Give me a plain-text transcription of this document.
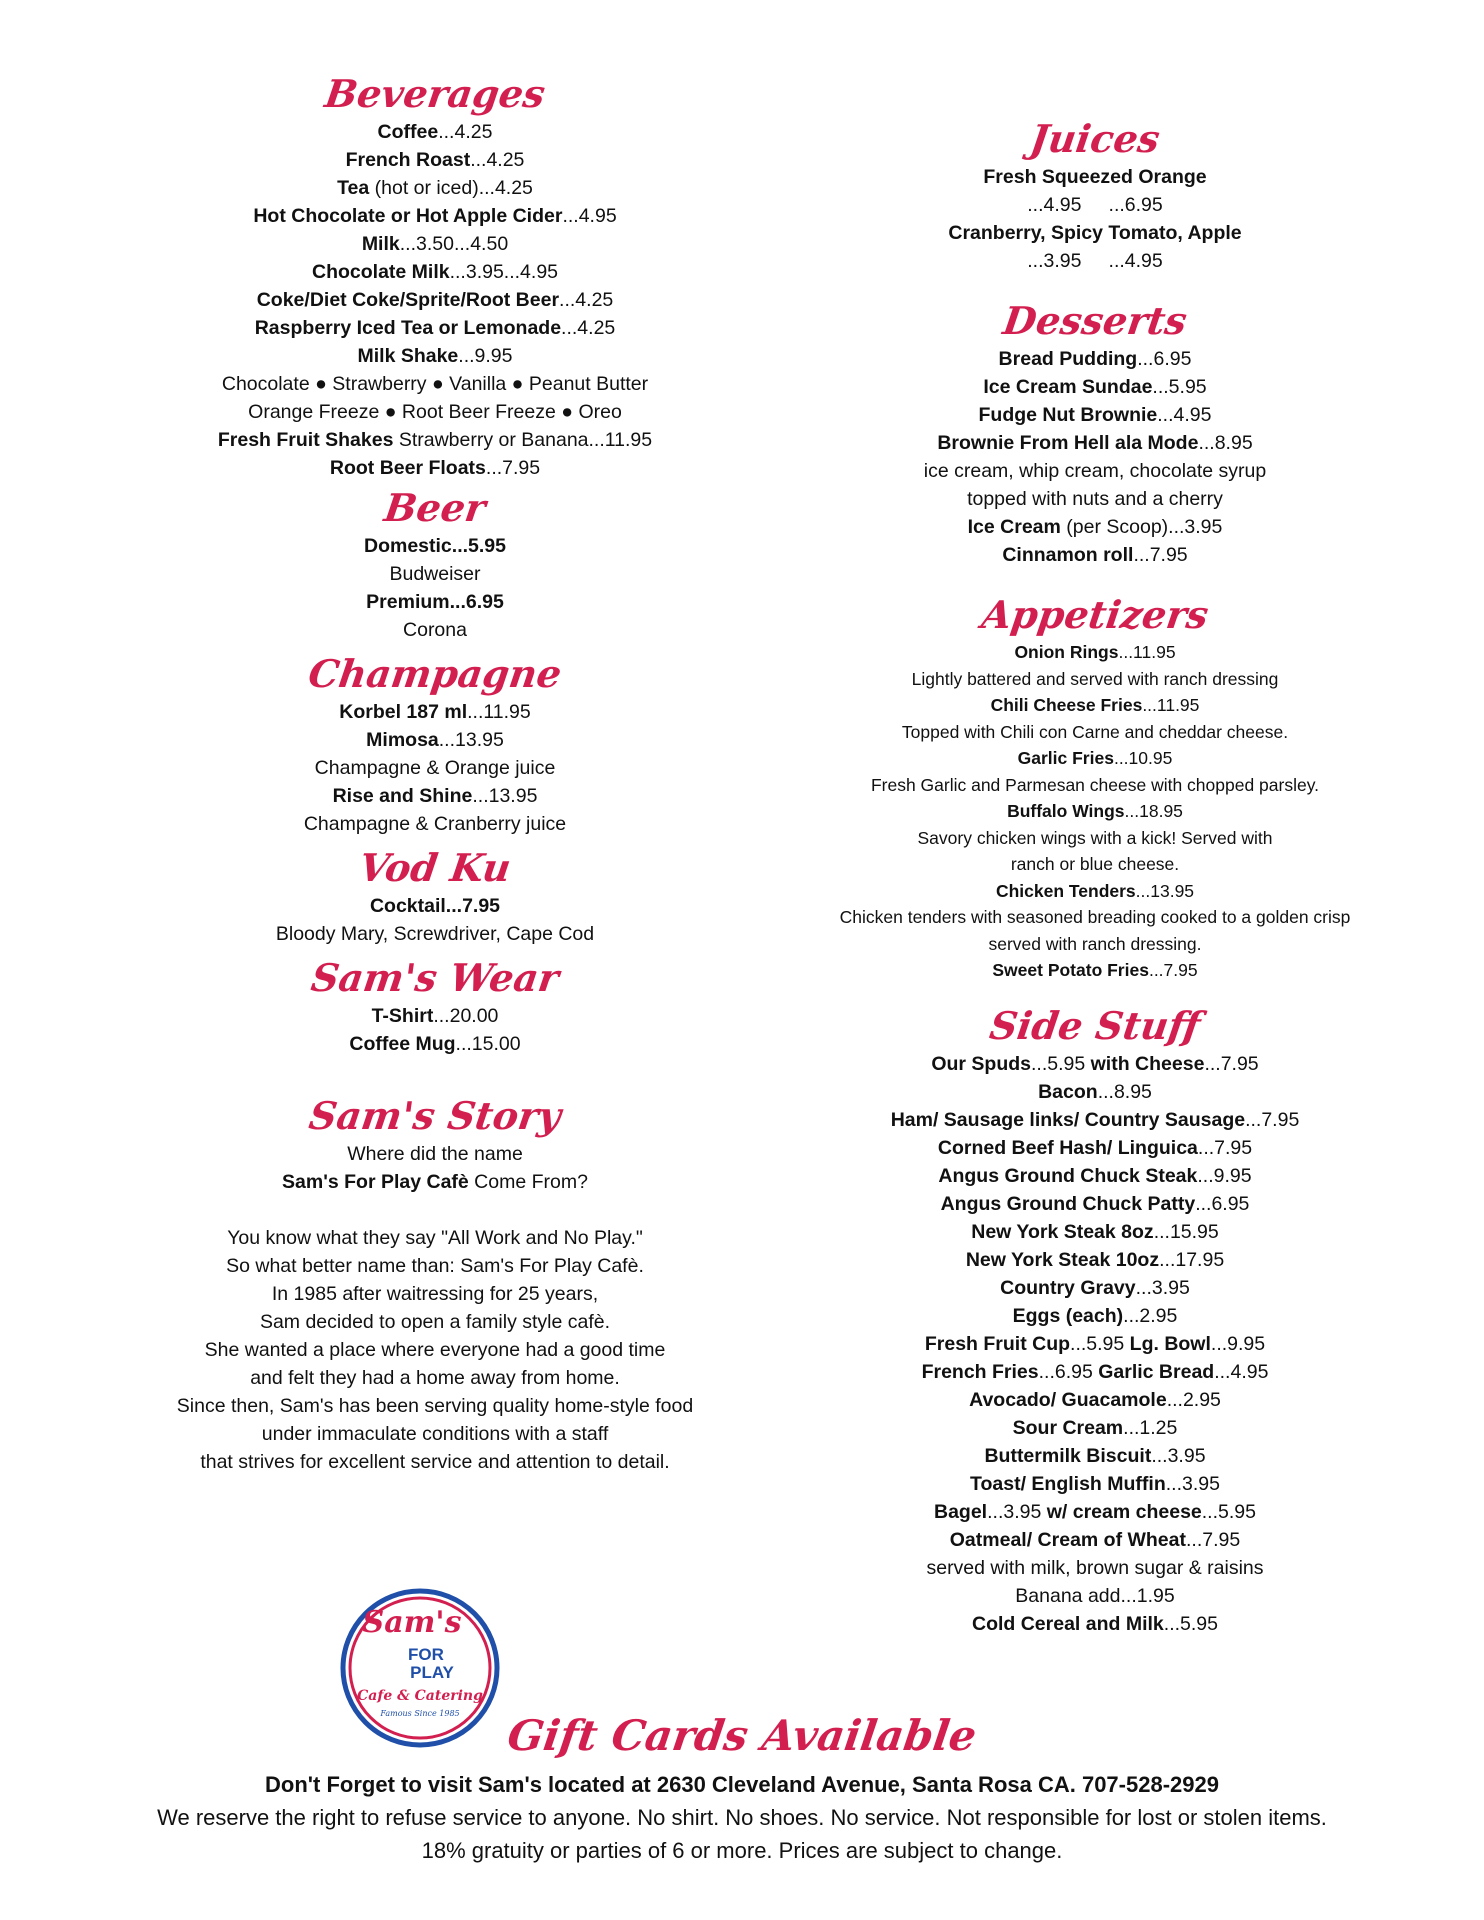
Beverages
Coffee...4.25
French Roast...4.25
Tea (hot or iced)...4.25
Hot Chocolate or Hot Apple Cider...4.95
Milk...3.50...4.50
Chocolate Milk...3.95...4.95
Coke/Diet Coke/Sprite/Root Beer...4.25
Raspberry Iced Tea or Lemonade...4.25
Milk Shake...9.95
Chocolate ● Strawberry ● Vanilla ● Peanut Butter
Orange Freeze ● Root Beer Freeze ● Oreo
Fresh Fruit Shakes Strawberry or Banana...11.95
Root Beer Floats...7.95
Beer
Domestic...5.95
Budweiser
Premium...6.95
Corona
Champagne
Korbel 187 ml...11.95
Mimosa...13.95
Champagne & Orange juice
Rise and Shine...13.95
Champagne & Cranberry juice
Vod Ku
Cocktail...7.95
Bloody Mary, Screwdriver, Cape Cod
Sam's Wear
T-Shirt...20.00
Coffee Mug...15.00
Sam's Story
Where did the name
Sam's For Play Cafè Come From?

You know what they say "All Work and No Play."
So what better name than: Sam's For Play Cafè.
In 1985 after waitressing for 25 years,
Sam decided to open a family style cafè.
She wanted a place where everyone had a good time
and felt they had a home away from home.
Since then, Sam's has been serving quality home-style food
under immaculate conditions with a staff
that strives for excellent service and attention to detail.
Juices
Fresh Squeezed Orange
...4.95     ...6.95
Cranberry, Spicy Tomato, Apple
...3.95     ...4.95
Desserts
Bread Pudding...6.95
Ice Cream Sundae...5.95
Fudge Nut Brownie...4.95
Brownie From Hell ala Mode...8.95
ice cream, whip cream, chocolate syrup
topped with nuts and a cherry
Ice Cream (per Scoop)...3.95
Cinnamon roll...7.95
Appetizers
Onion Rings...11.95
Lightly battered and served with ranch dressing
Chili Cheese Fries...11.95
Topped with Chili con Carne and cheddar cheese.
Garlic Fries...10.95
Fresh Garlic and Parmesan cheese with chopped parsley.
Buffalo Wings...18.95
Savory chicken wings with a kick! Served with
ranch or blue cheese.
Chicken Tenders...13.95
Chicken tenders with seasoned breading cooked to a golden crisp
served with ranch dressing.
Sweet Potato Fries...7.95
Side Stuff
Our Spuds...5.95 with Cheese...7.95
Bacon...8.95
Ham/ Sausage links/ Country Sausage...7.95
Corned Beef Hash/ Linguica...7.95
Angus Ground Chuck Steak...9.95
Angus Ground Chuck Patty...6.95
New York Steak 8oz...15.95
New York Steak 10oz...17.95
Country Gravy...3.95
Eggs (each)...2.95
Fresh Fruit Cup...5.95 Lg. Bowl...9.95
French Fries...6.95 Garlic Bread...4.95
Avocado/ Guacamole...2.95
Sour Cream...1.25
Buttermilk Biscuit...3.95
Toast/ English Muffin...3.95
Bagel...3.95 w/ cream cheese...5.95
Oatmeal/ Cream of Wheat...7.95
served with milk, brown sugar & raisins
Banana add...1.95
Cold Cereal and Milk...5.95
Sam's
FOR
PLAY
Cafe & Catering
Famous Since 1985	Gift Cards Available
Don't Forget to visit Sam's located at 2630 Cleveland Avenue, Santa Rosa CA. 707-528-2929
We reserve the right to refuse service to anyone. No shirt. No shoes. No service. Not responsible for lost or stolen items.
18% gratuity or parties of 6 or more. Prices are subject to change.
